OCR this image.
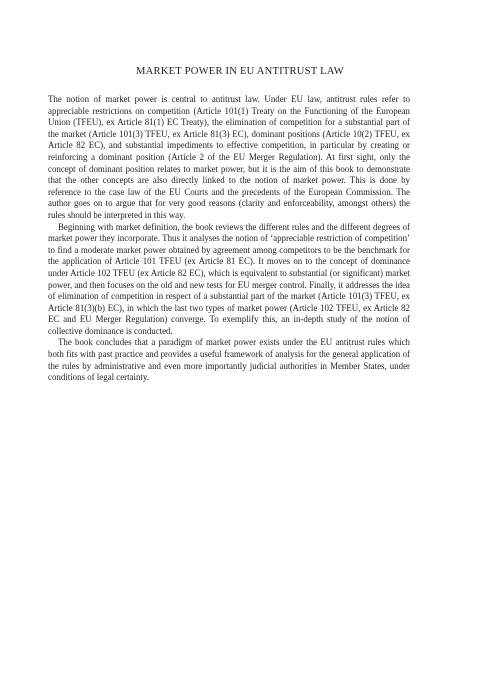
MARKET POWER IN EU ANTITRUST LAW

The notion of market power is central to antitrust law. Under EU law, antitrust rules refer to appreciable restrictions on competition (Article 101(1) Treaty on the Functioning of the European Union (TFEU), ex Article 81(1) EC Treaty), the elimination of competition for a substantial part of the market (Article 101(3) TFEU, ex Article 81(3) EC), dominant positions (Article 10(2) TFEU, ex Article 82 EC), and substantial impediments to effective competition, in particular by creating or reinforcing a dominant position (Article 2 of the EU Merger Regulation). At first sight, only the concept of dominant position relates to market power, but it is the aim of this book to demonstrate that the other concepts are also directly linked to the notion of market power. This is done by reference to the case law of the EU Courts and the precedents of the European Commission. The author goes on to argue that for very good reasons (clarity and enforceability, amongst others) the rules should be interpreted in this way.

Beginning with market definition, the book reviews the different rules and the different degrees of market power they incorporate. Thus it analyses the notion of ‘appreciable restriction of competition’ to find a moderate market power obtained by agreement among competitors to be the benchmark for the application of Article 101 TFEU (ex Article 81 EC). It moves on to the concept of dominance under Article 102 TFEU (ex Article 82 EC), which is equivalent to substantial (or significant) market power, and then focuses on the old and new tests for EU merger control. Finally, it addresses the idea of elimination of competition in respect of a substantial part of the market (Article 101(3) TFEU, ex Article 81(3)(b) EC), in which the last two types of market power (Article 102 TFEU, ex Article 82 EC and EU Merger Regulation) converge. To exemplify this, an in-depth study of the notion of collective dominance is conducted.

The book concludes that a paradigm of market power exists under the EU antitrust rules which both fits with past practice and provides a useful framework of analysis for the general application of the rules by administrative and even more importantly judicial authorities in Member States, under conditions of legal certainty.
